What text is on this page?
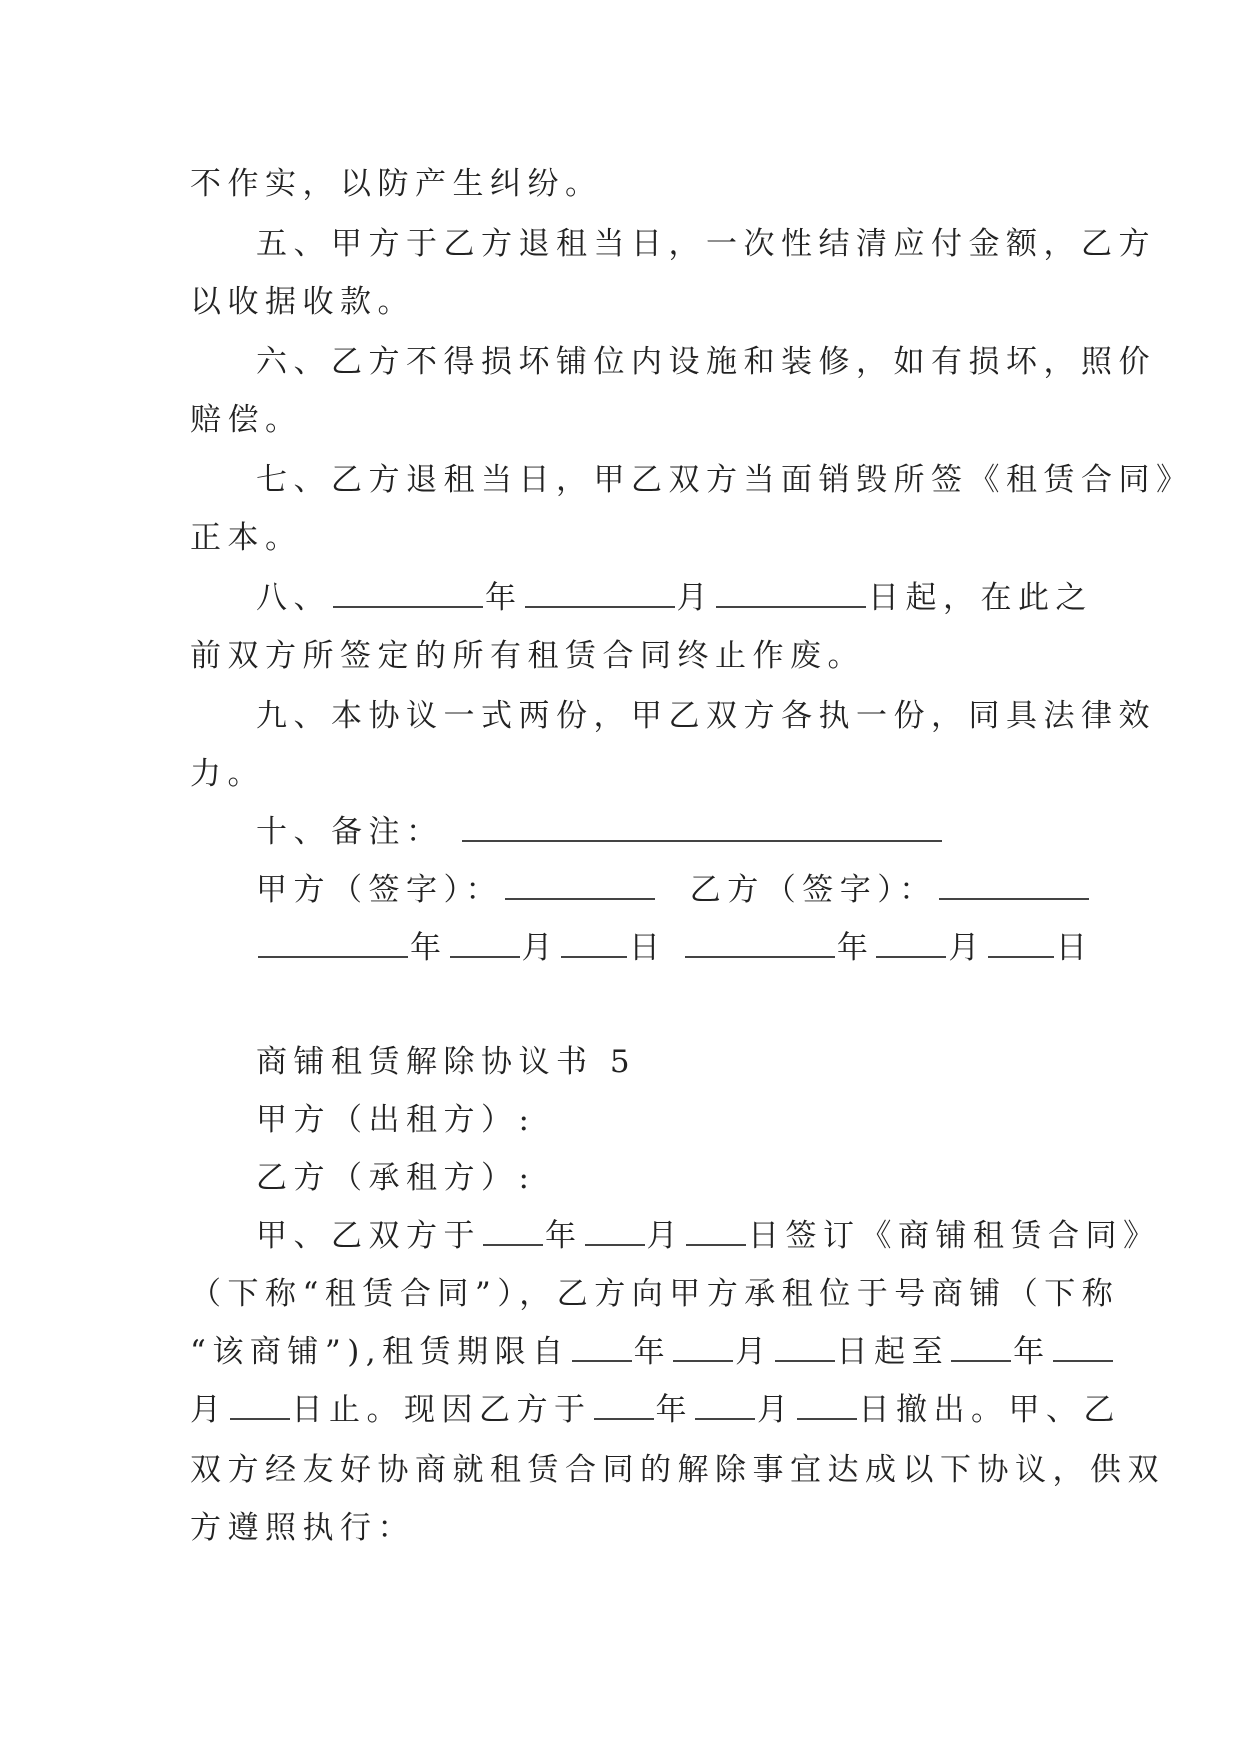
不作实，以防产生纠纷。
五、甲方于乙方退租当日，一次性结清应付金额，乙方
以收据收款。
六、乙方不得损坏铺位内设施和装修，如有损坏，照价
赔偿。
七、乙方退租当日，甲乙双方当面销毁所签《租赁合同》
正本。
八、	年	月	日起，在此之
前双方所签定的所有租赁合同终止作废。
九、本协议一式两份，甲乙双方各执一份，同具法律效
力。
十、备注：
甲方（签字）：	乙方（签字）：
年 月 日	年 月 日
商铺租赁解除协议书 5
甲方（出租方）:
乙方（承租方）:
甲、乙双方于 年 月 日签订《商铺租赁合同》
（下称“租赁合同”），乙方向甲方承租位于号商铺（下称
“该商铺”),租赁期限自 年 月 日起至 年
月 日止。现因乙方于 年 月 日撤出。甲、乙
双方经友好协商就租赁合同的解除事宜达成以下协议，供双
方遵照执行：
